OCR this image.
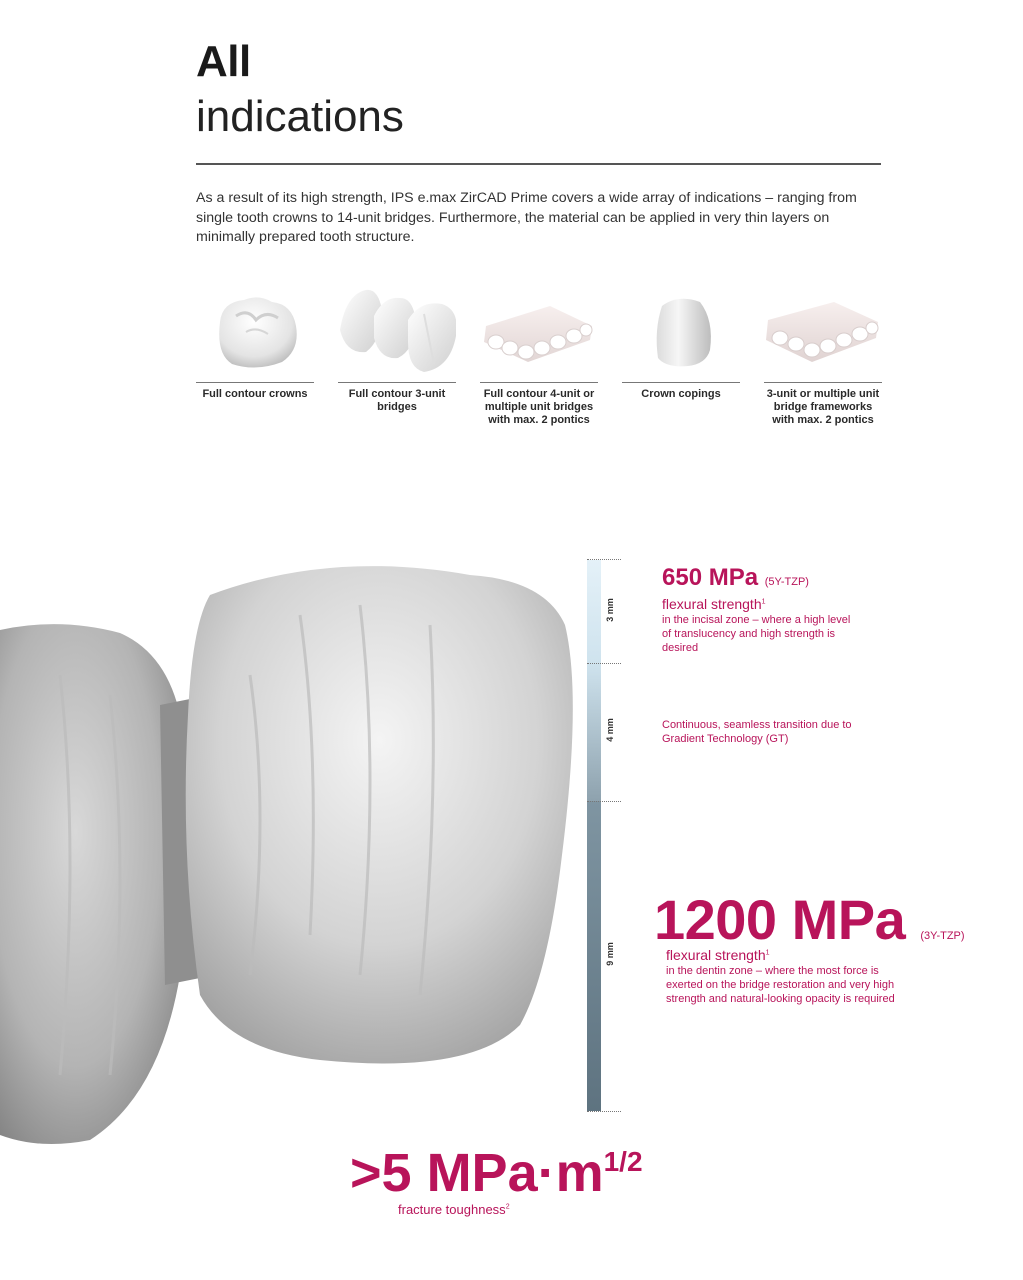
All
indications

As a result of its high strength, IPS e.max ZirCAD Prime covers a wide array of indications – ranging from single tooth crowns to 14-unit bridges. Furthermore, the material can be applied in very thin layers on minimally prepared tooth structure.

Full contour crowns	Full contour 3-unit bridges
Full contour 4-unit or multiple unit bridges with max. 2 pontics
Crown copings	3-unit or multiple unit bridge frameworks with max. 2 pontics
3 mm
4 mm
9 mm
650 MPa (5Y-TZP)
flexural strength$^1$
in the incisal zone – where a high level of translucency and high strength is desired
Continuous, seamless transition due to Gradient Technology (GT)
1200 MPa (3Y-TZP)
flexural strength$^1$
in the dentin zone – where the most force is exerted on the bridge restoration and very high strength and natural-looking opacity is required
>5 $MPa\cdot m^{1/2}$
fracture toughness$^2$
